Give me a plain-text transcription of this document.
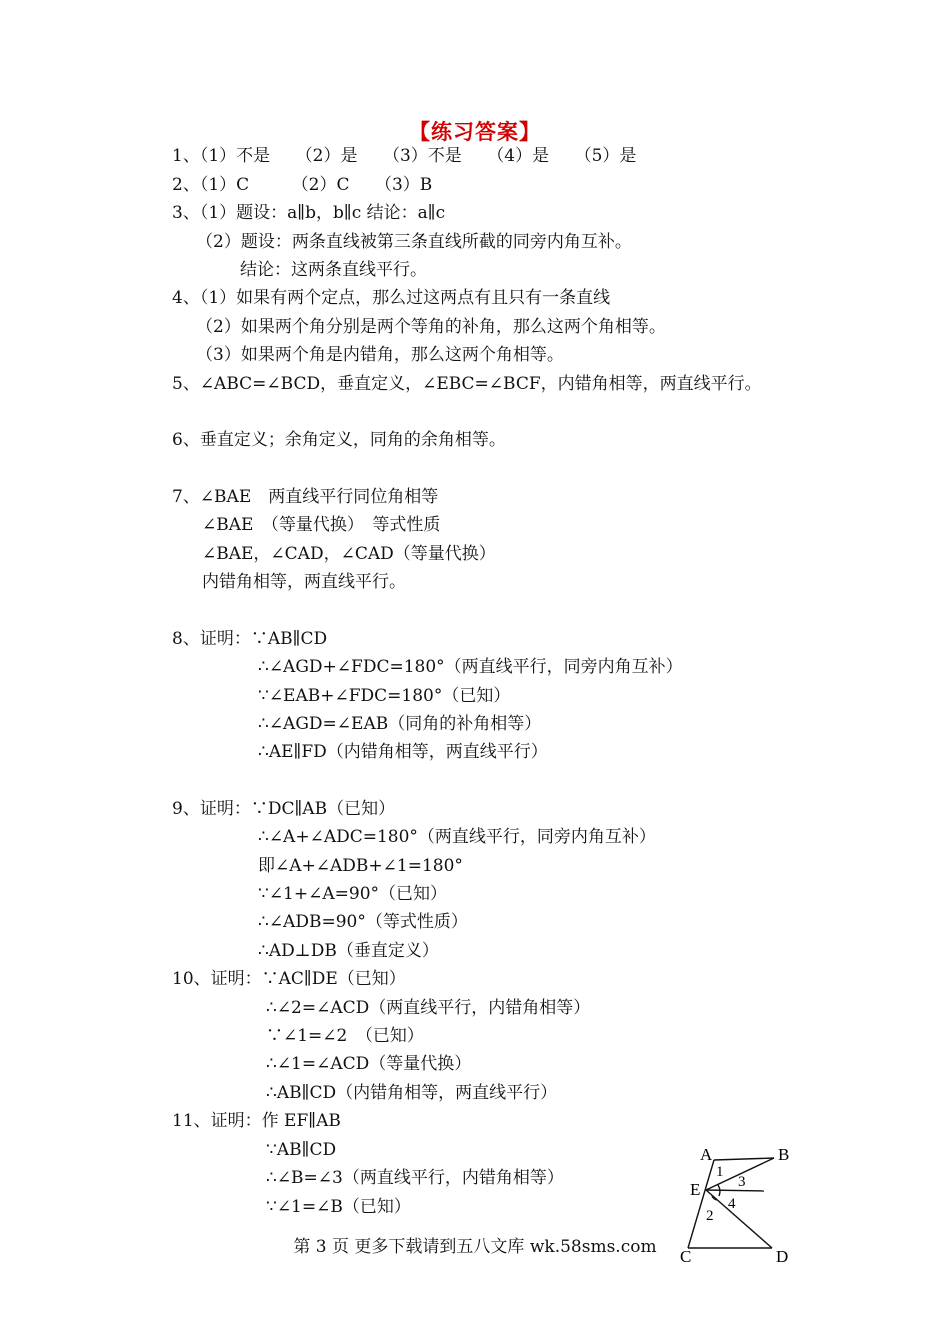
【练习答案】
1、（1）不是　　（2）是　　（3）不是　　（4）是　　（5）是
2、（1）C　　　（2）C　　（3）B
3、（1）题设：a∥b，b∥c 结论：a∥c
（2）题设：两条直线被第三条直线所截的同旁内角互补。
结论：这两条直线平行。
4、（1）如果有两个定点，那么过这两点有且只有一条直线
（2）如果两个角分别是两个等角的补角，那么这两个角相等。
（3）如果两个角是内错角，那么这两个角相等。
5、∠ABC=∠BCD，垂直定义，∠EBC=∠BCF，内错角相等，两直线平行。
6、垂直定义；余角定义，同角的余角相等。
7、∠BAE　两直线平行同位角相等
∠BAE　（等量代换）　等式性质
∠BAE，∠CAD，∠CAD（等量代换）
内错角相等，两直线平行。
8、证明：∵AB∥CD
∴∠AGD+∠FDC=180°（两直线平行，同旁内角互补）
∵∠EAB+∠FDC=180°（已知）
∴∠AGD=∠EAB（同角的补角相等）
∴AE∥FD（内错角相等，两直线平行）
9、证明：∵DC∥AB（已知）
∴∠A+∠ADC=180°（两直线平行，同旁内角互补）
即∠A+∠ADB+∠1=180°
∵∠1+∠A=90°（已知）
∴∠ADB=90°（等式性质）
∴AD⊥DB（垂直定义）
10、证明：∵AC∥DE（已知）
∴∠2=∠ACD（两直线平行，内错角相等）
∵∠1=∠2　（已知）
∴∠1=∠ACD（等量代换）
∴AB∥CD（内错角相等，两直线平行）
11、证明：作 EF∥AB
∵AB∥CD
∴∠B=∠3（两直线平行，内错角相等）
∵∠1=∠B（已知）
A	B
C	D
E
1
2
3
4
第 3 页 更多下载请到五八文库 wk.58sms.com
